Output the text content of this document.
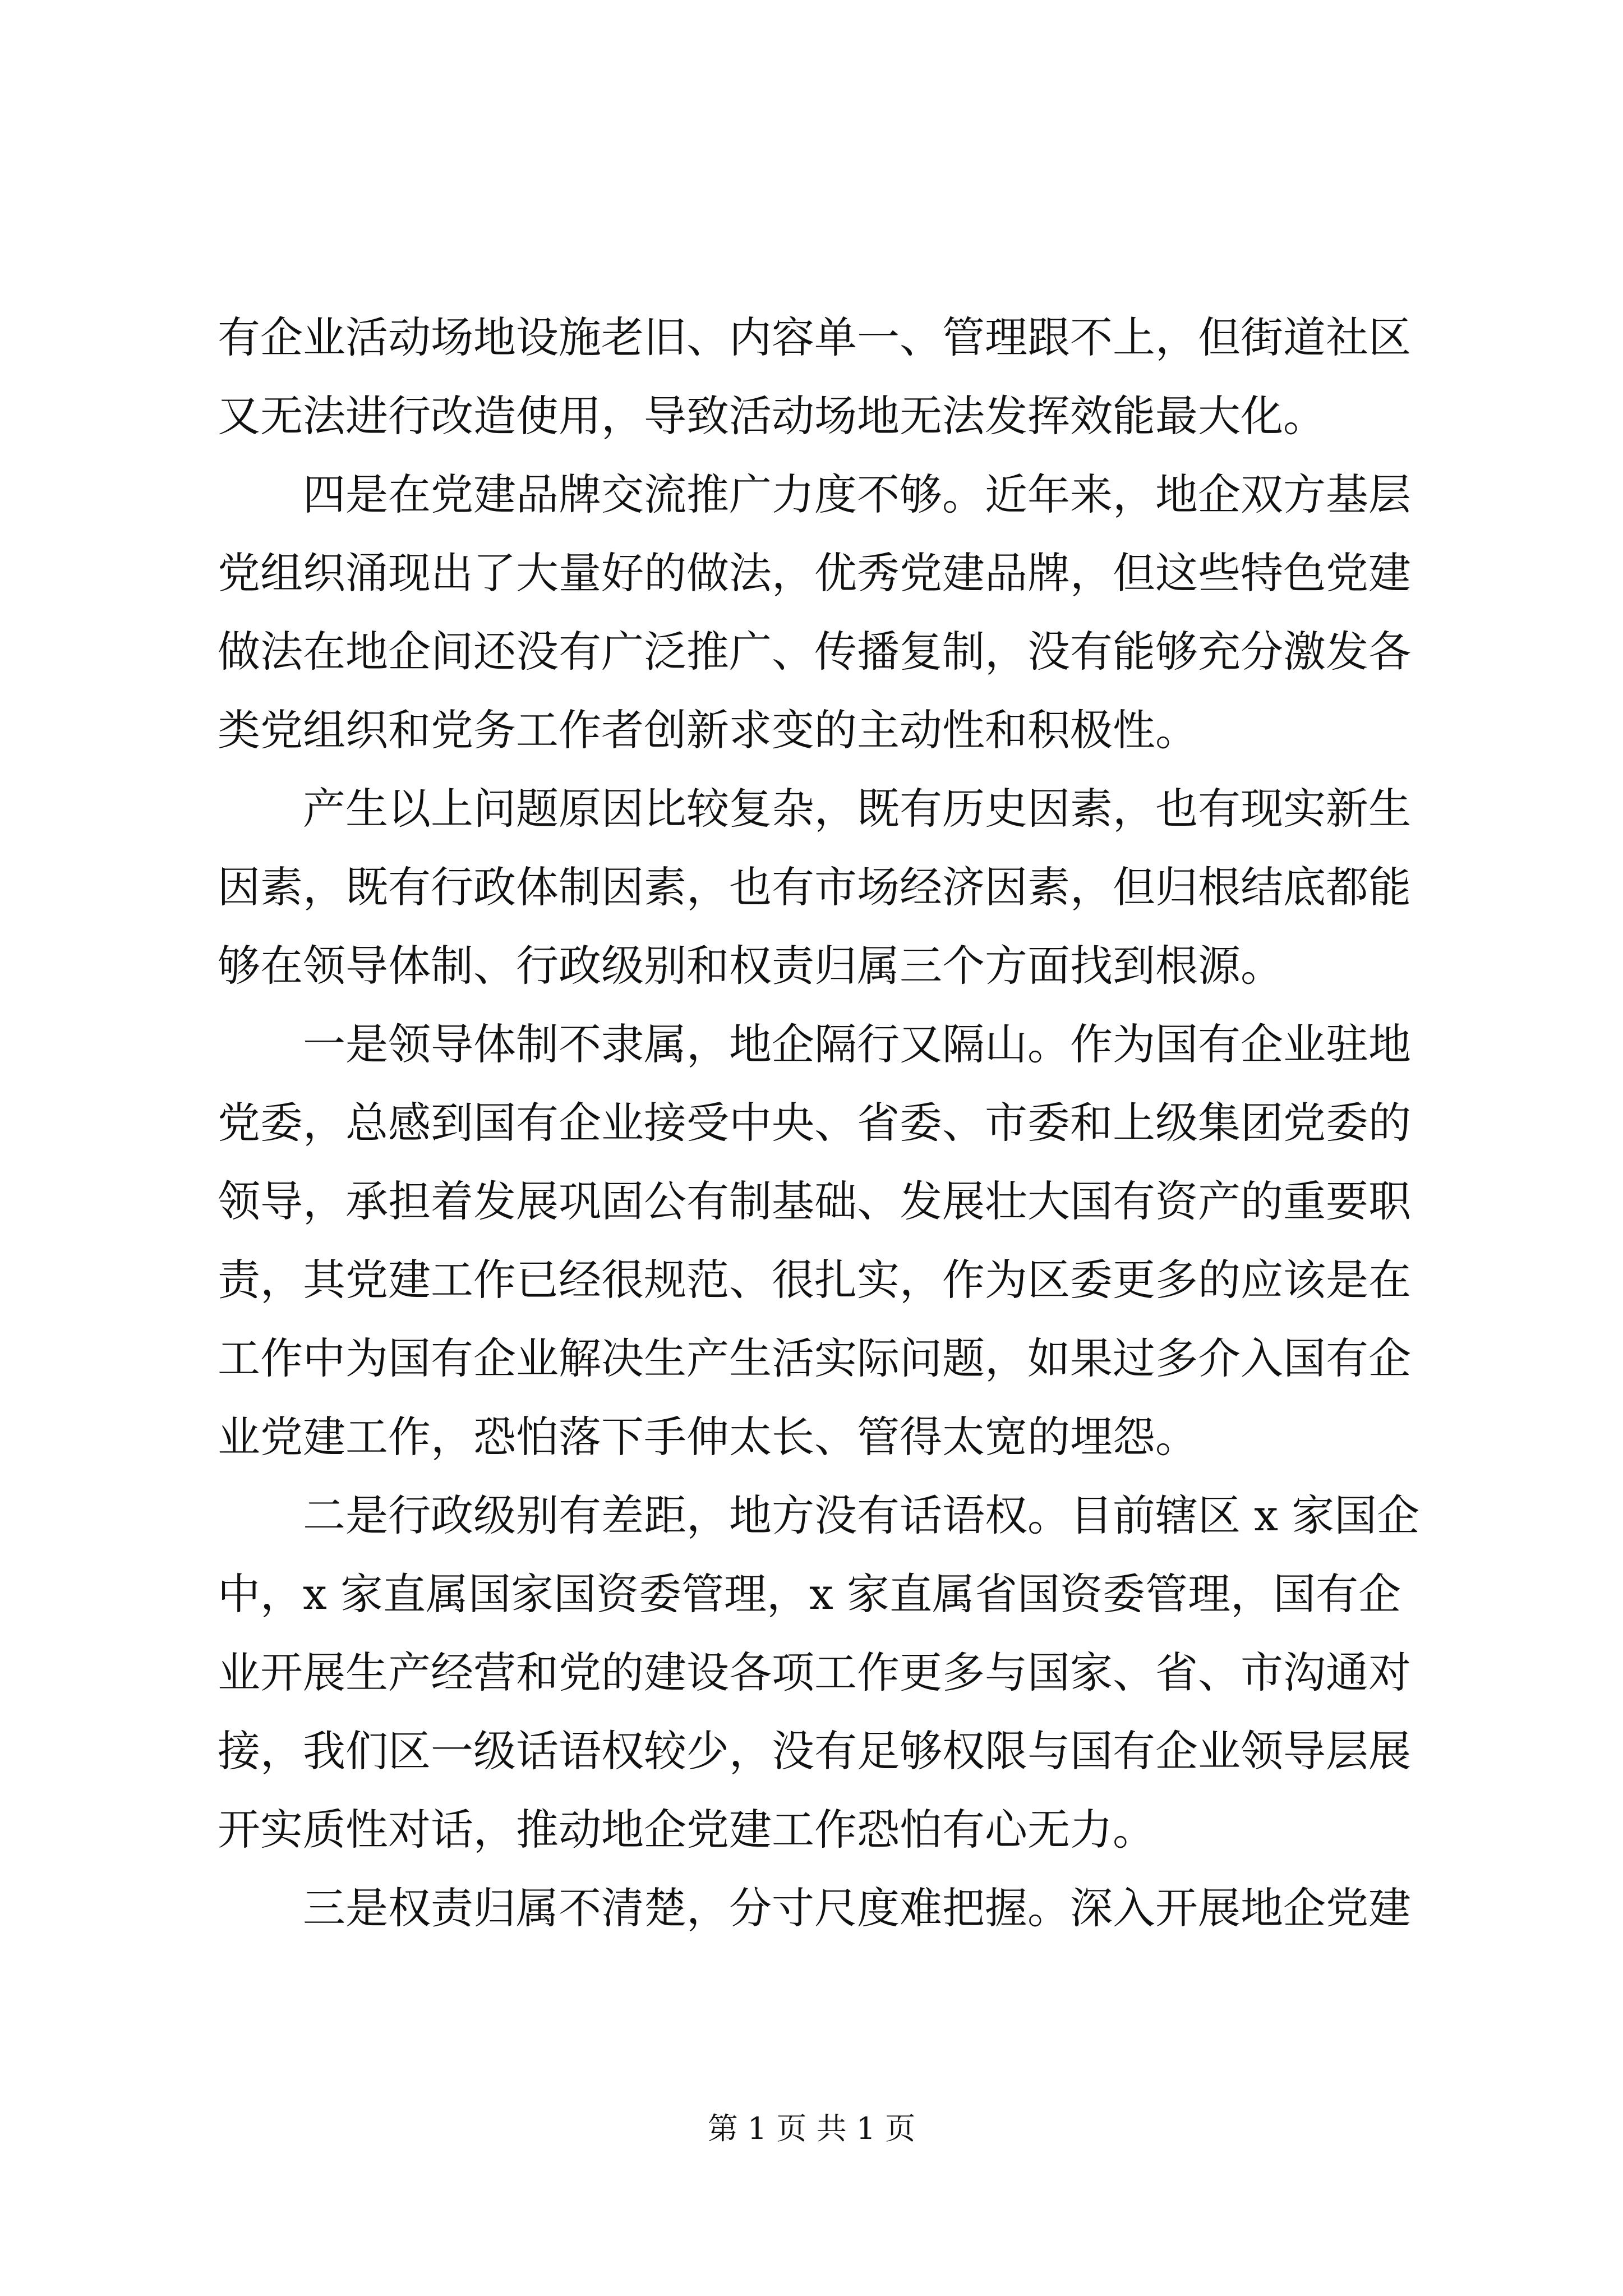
有企业活动场地设施老旧、内容单一、管理跟不上，但街道社区
又无法进行改造使用，导致活动场地无法发挥效能最大化。
四是在党建品牌交流推广力度不够。近年来，地企双方基层
党组织涌现出了大量好的做法，优秀党建品牌，但这些特色党建
做法在地企间还没有广泛推广、传播复制，没有能够充分激发各
类党组织和党务工作者创新求变的主动性和积极性。
产生以上问题原因比较复杂，既有历史因素，也有现实新生
因素，既有行政体制因素，也有市场经济因素，但归根结底都能
够在领导体制、行政级别和权责归属三个方面找到根源。
一是领导体制不隶属，地企隔行又隔山。作为国有企业驻地
党委，总感到国有企业接受中央、省委、市委和上级集团党委的
领导，承担着发展巩固公有制基础、发展壮大国有资产的重要职
责，其党建工作已经很规范、很扎实，作为区委更多的应该是在
工作中为国有企业解决生产生活实际问题，如果过多介入国有企
业党建工作，恐怕落下手伸太长、管得太宽的埋怨。
二是行政级别有差距，地方没有话语权。目前辖区 x 家国企
中，x 家直属国家国资委管理，x 家直属省国资委管理，国有企
业开展生产经营和党的建设各项工作更多与国家、省、市沟通对
接，我们区一级话语权较少，没有足够权限与国有企业领导层展
开实质性对话，推动地企党建工作恐怕有心无力。
三是权责归属不清楚，分寸尺度难把握。深入开展地企党建
第 1 页 共 1 页
